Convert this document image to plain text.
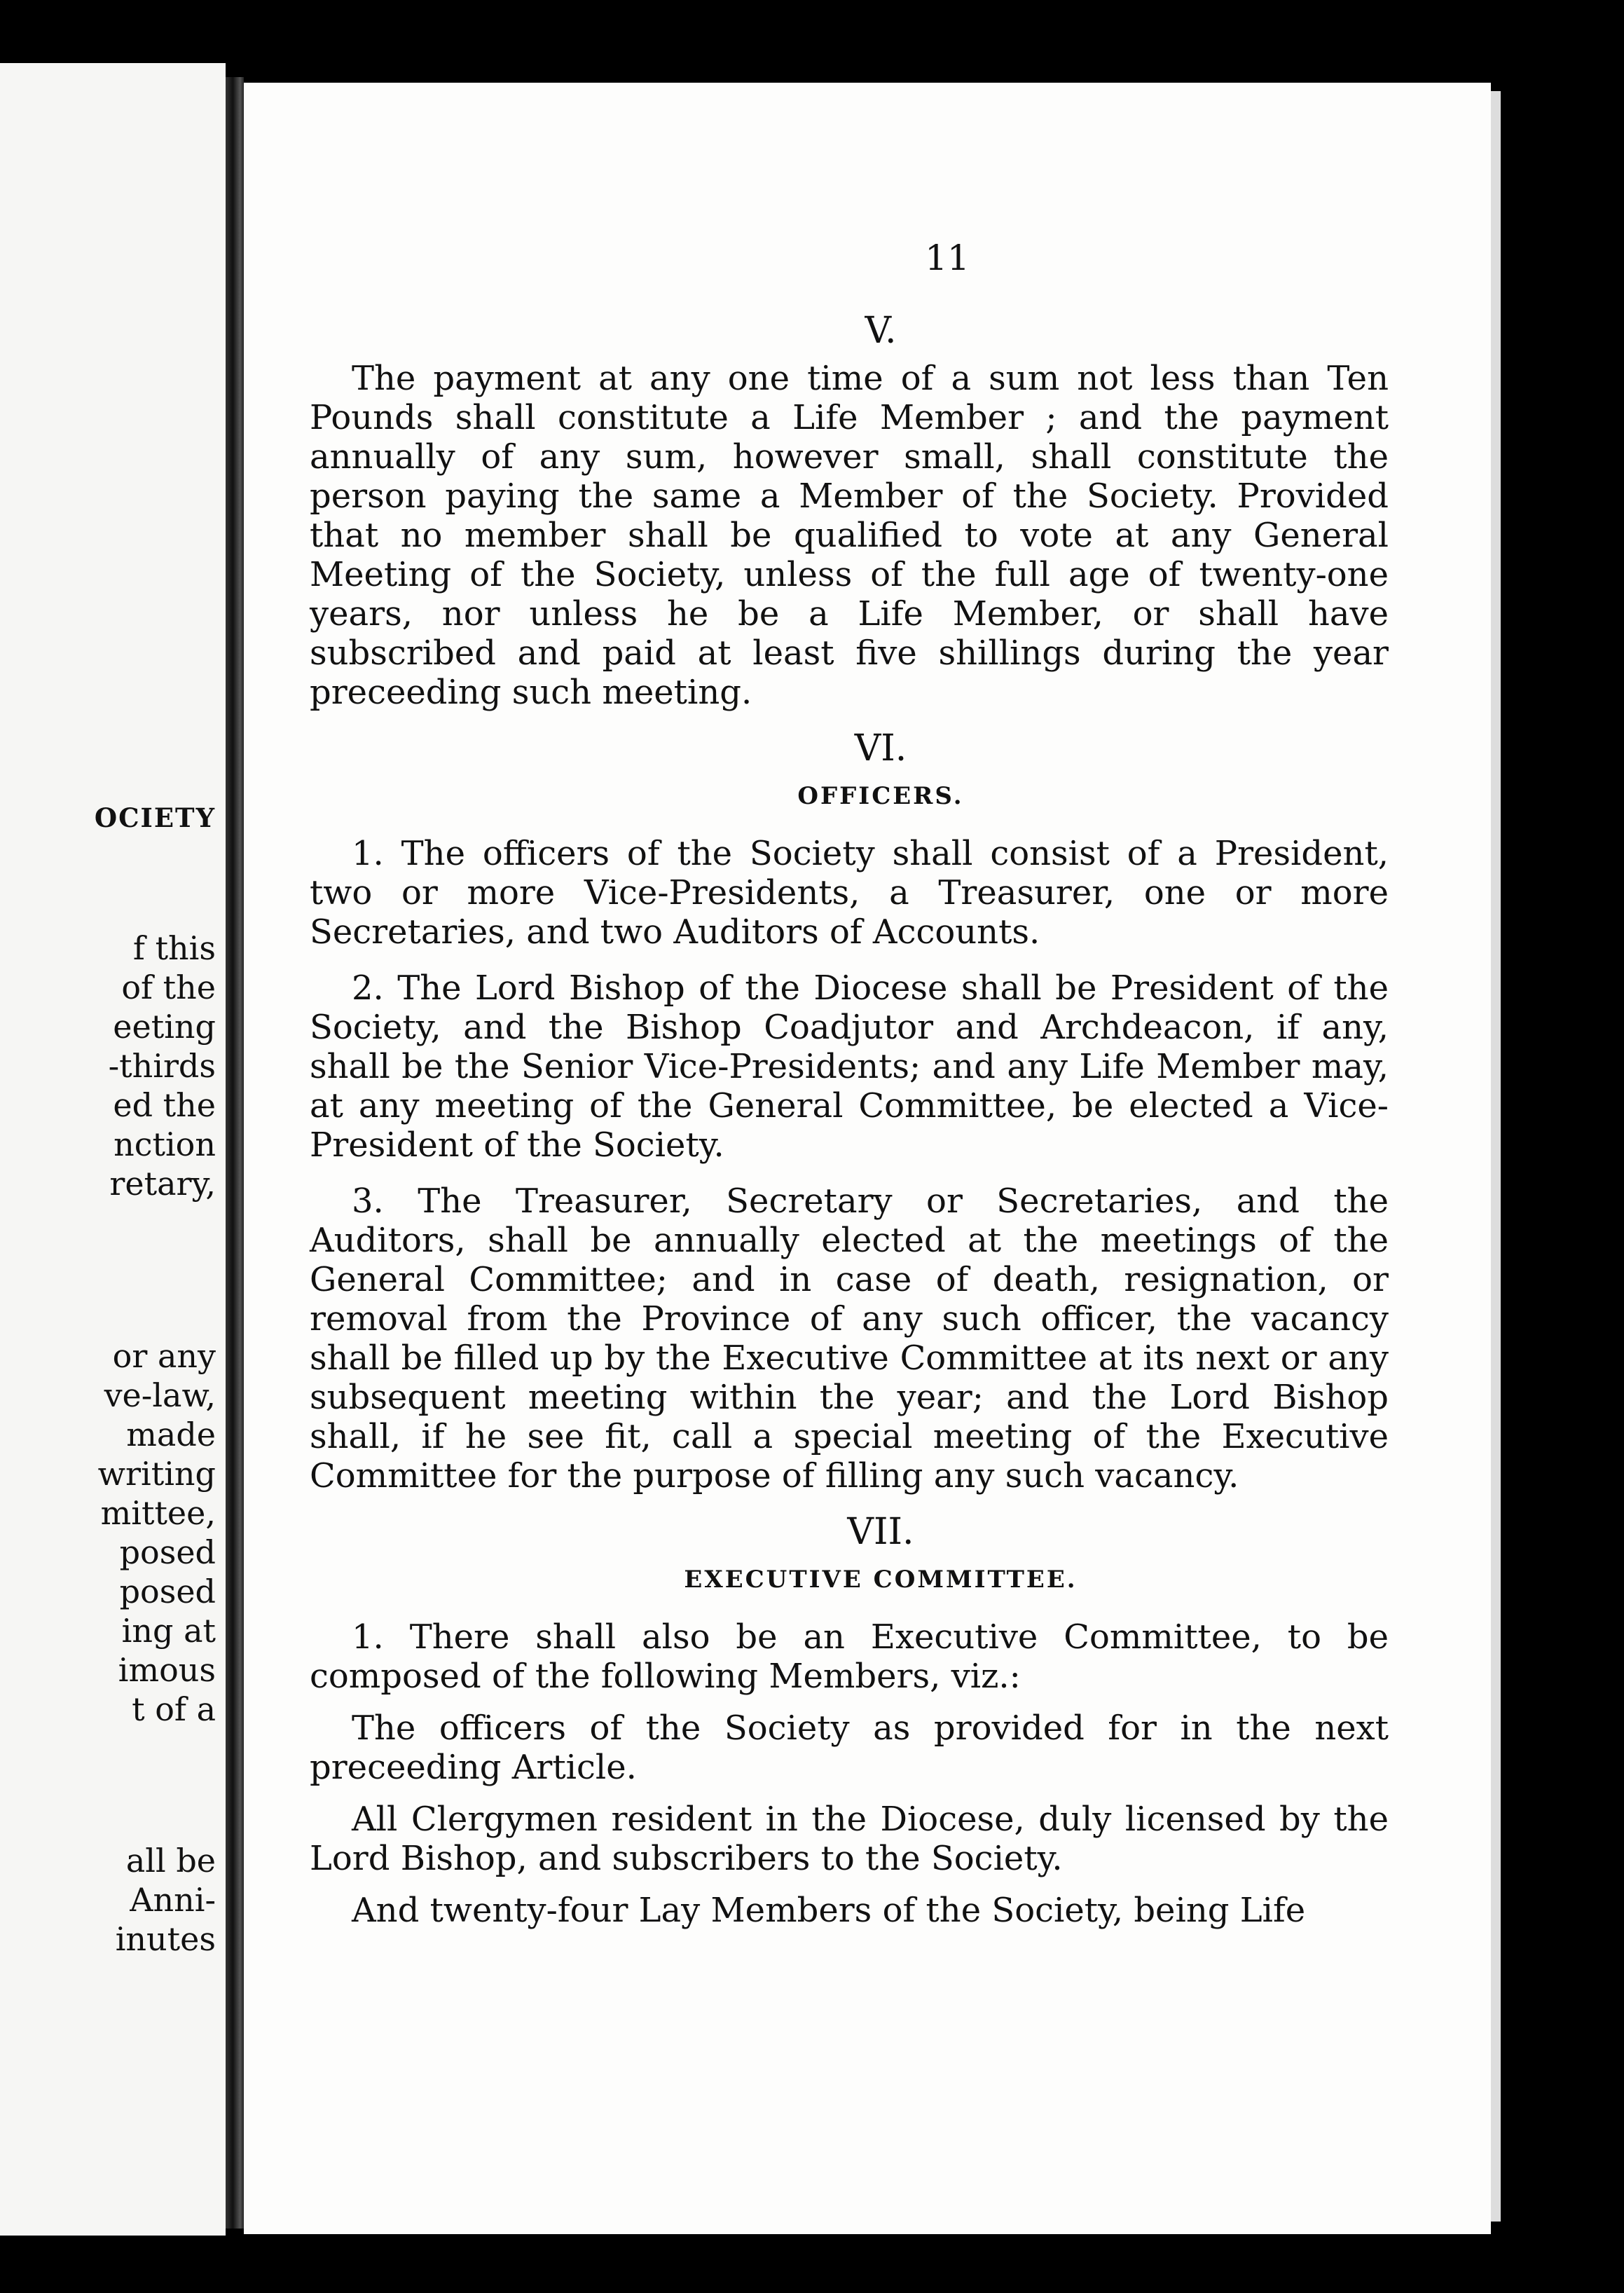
OCIETY
f this
of the
eeting
-thirds
ed the
nction
retary,
or any
ve-law,
made
writing
mittee,
posed
posed
ing at
imous
t of a
all be
Anni-
inutes
11
V.

The payment at any one time of a sum not less than Ten Pounds shall constitute a Life Member ; and the payment annually of any sum, however small, shall constitute the person paying the same a Member of the Society. Provided that no member shall be qualified to vote at any General Meeting of the Society, unless of the full age of twenty-one years, nor unless he be a Life Member, or shall have subscribed and paid at least five shillings during the year preceeding such meeting.

VI.
OFFICERS.

1. The officers of the Society shall consist of a President, two or more Vice-Presidents, a Treasurer, one or more Secretaries, and two Auditors of Accounts.

2. The Lord Bishop of the Diocese shall be President of the Society, and the Bishop Coadjutor and Archdeacon, if any, shall be the Senior Vice-Presidents; and any Life Member may, at any meeting of the General Committee, be elected a Vice-President of the Society.

3. The Treasurer, Secretary or Secretaries, and the Auditors, shall be annually elected at the meetings of the General Committee; and in case of death, resignation, or removal from the Province of any such officer, the vacancy shall be filled up by the Executive Committee at its next or any subsequent meeting within the year; and the Lord Bishop shall, if he see fit, call a special meeting of the Executive Committee for the purpose of filling any such vacancy.

VII.
EXECUTIVE COMMITTEE.

1. There shall also be an Executive Committee, to be composed of the following Members, viz.:

The officers of the Society as provided for in the next preceeding Article.

All Clergymen resident in the Diocese, duly licensed by the Lord Bishop, and subscribers to the Society.

And twenty-four Lay Members of the Society, being Life
